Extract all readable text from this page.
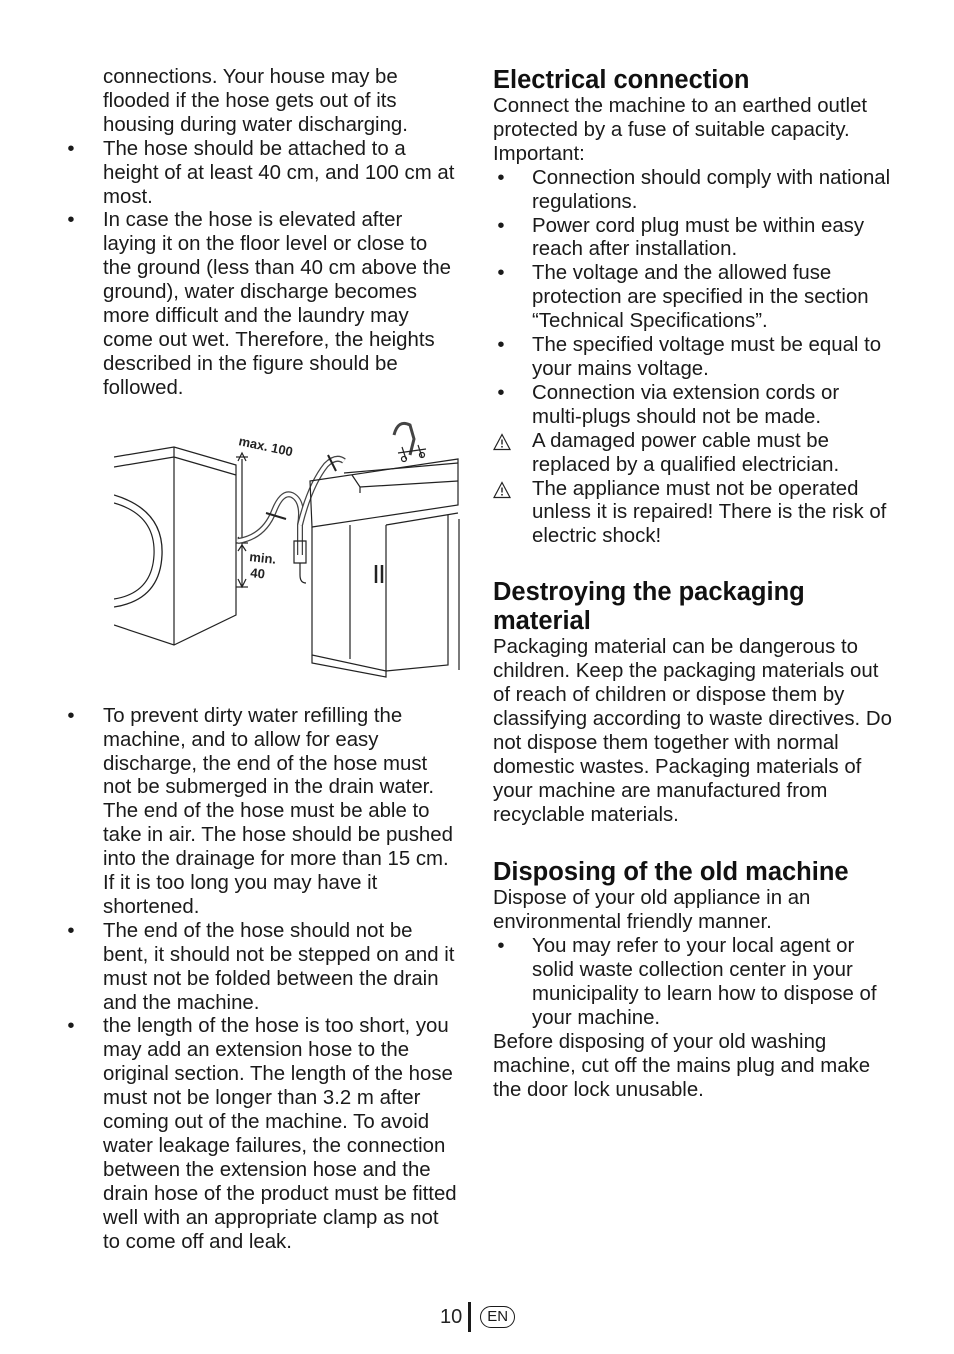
connections. Your house may be flooded if the hose gets out of its housing during water discharging.

• The hose should be attached to a height of at least 40 cm, and 100 cm at most.
• In case the hose is elevated after laying it on the floor level or close to the ground (less than 40 cm above the ground), water discharge becomes more difficult and the laundry may come out wet. Therefore, the heights described in the figure should be followed.
max. 100
min.
40
• To prevent dirty water refilling the machine, and to allow for easy discharge, the end of the hose must not be submerged in the drain water. The end of the hose must be able to take in air. The hose should be pushed into the drainage for more than 15 cm. If it is too long you may have it shortened.
• The end of the hose should not be bent, it should not be stepped on and it must not be folded between the drain and the machine.
• the length of the hose is too short, you may add an extension hose to the original section. The length of the hose must not be longer than 3.2 m after coming out of the machine. To avoid water leakage failures, the connection between the extension hose and the drain hose of the product must be fitted well with an appropriate clamp as not to come off and leak.
Electrical connection

Connect the machine to an earthed outlet protected by a fuse of suitable capacity.

Important:

• Connection should comply with national regulations.
• Power cord plug must be within easy reach after installation.
• The voltage and the allowed fuse protection are specified in the section “Technical Specifications”.
• The specified voltage must be equal to your mains voltage.
• Connection via extension cords or multi-plugs should not be made.
A damaged power cable must be replaced by a qualified electrician.
The appliance must not be operated unless it is repaired! There is the risk of electric shock!
Destroying the packaging
material

Packaging material can be dangerous to children. Keep the packaging materials out of reach of children or dispose them by classifying according to waste directives. Do not dispose them together with normal domestic wastes. Packaging materials of your machine are manufactured from recyclable materials.

Disposing of the old machine

Dispose of your old appliance in an environmental friendly manner.

• You may refer to your local agent or solid waste collection center in your municipality to learn how to dispose of your machine.

Before disposing of your old washing machine, cut off the mains plug and make the door lock unusable.

10	EN
